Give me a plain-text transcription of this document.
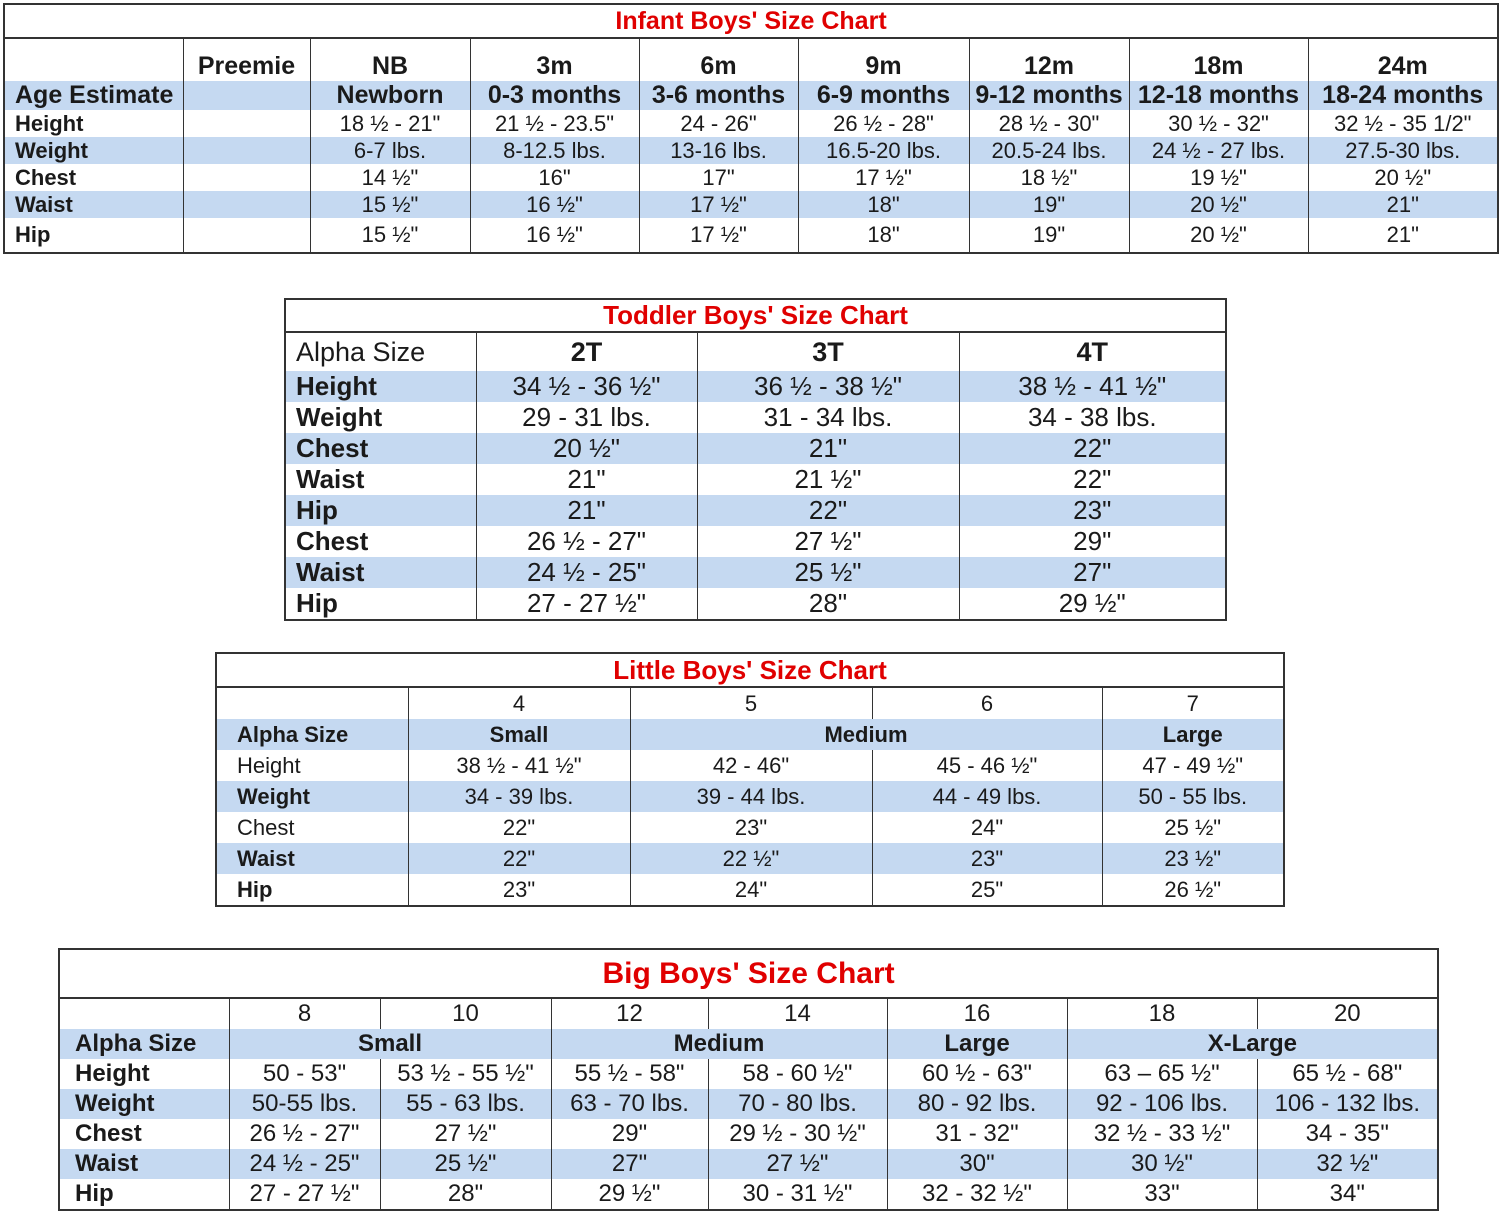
Infant Boys' Size Chart								
	Preemie	NB	3m	6m	9m	12m	18m	24m
Age Estimate		Newborn	0-3 months	3-6 months	6-9 months	9-12 months	12-18 months	18-24 months
Height		18 ½ - 21"	21 ½ - 23.5"	24 - 26"	26 ½ - 28"	28 ½ - 30"	30 ½ - 32"	32 ½ - 35 1/2"
Weight		6-7 lbs.	8-12.5 lbs.	13-16 lbs.	16.5-20 lbs.	20.5-24 lbs.	24 ½ - 27 lbs.	27.5-30 lbs.
Chest		14 ½"	16"	17"	17 ½"	18 ½"	19 ½"	20 ½"
Waist		15 ½"	16 ½"	17 ½"	18"	19"	20 ½"	21"
Hip		15 ½"	16 ½"	17 ½"	18"	19"	20 ½"	21"
Toddler Boys' Size Chart			
Alpha Size	2T	3T	4T
Height	34 ½ - 36 ½"	36 ½ - 38 ½"	38 ½ - 41 ½"
Weight	29 - 31 lbs.	31 - 34 lbs.	34 - 38 lbs.
Chest	20 ½"	21"	22"
Waist	21"	21 ½"	22"
Hip	21"	22"	23"
Chest	26 ½ - 27"	27 ½"	29"
Waist	24 ½ - 25"	25 ½"	27"
Hip	27 - 27 ½"	28"	29 ½"
Little Boys' Size Chart				
	4	5	6	7
Alpha Size	Small	Medium		Large
Height	38 ½ - 41 ½"	42 - 46"	45 - 46 ½"	47 - 49 ½"
Weight	34 - 39 lbs.	39 - 44 lbs.	44 - 49 lbs.	50 - 55 lbs.
Chest	22"	23"	24"	25 ½"
Waist	22"	22 ½"	23"	23 ½"
Hip	23"	24"	25"	26 ½"
Big Boys' Size Chart							
	8	10	12	14	16	18	20
Alpha Size	Small		Medium		Large	X-Large	
Height	50 - 53"	53 ½ - 55 ½"	55 ½ - 58"	58 - 60 ½"	60 ½ - 63"	63 – 65 ½"	65 ½ - 68"
Weight	50-55 lbs.	55 - 63 lbs.	63 - 70 lbs.	70 - 80 lbs.	80 - 92 lbs.	92 - 106 lbs.	106 - 132 lbs.
Chest	26 ½ - 27"	27 ½"	29"	29 ½ - 30 ½"	31 - 32"	32 ½ - 33 ½"	34 - 35"
Waist	24 ½ - 25"	25 ½"	27"	27 ½"	30"	30 ½"	32 ½"
Hip	27 - 27 ½"	28"	29 ½"	30 - 31 ½"	32 - 32 ½"	33"	34"
